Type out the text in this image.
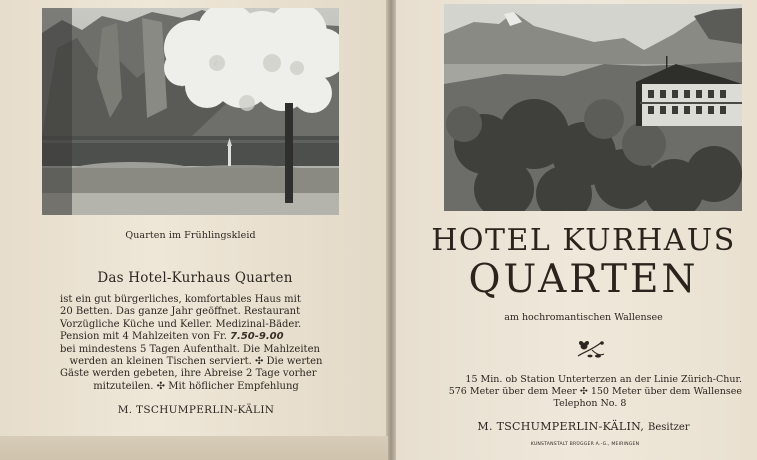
Quarten im Frühlingskleid
Das Hotel-Kurhaus Quarten
ist ein gut bürgerliches, komfortables Haus mit
20 Betten. Das ganze Jahr geöffnet. Restaurant
Vorzügliche Küche und Keller. Medizinal-Bäder.
Pension mit 4 Mahlzeiten von Fr. 7.50-9.00
bei mindestens 5 Tagen Aufenthalt. Die Mahlzeiten
werden an kleinen Tischen serviert. ✣ Die werten
Gäste werden gebeten, ihre Abreise 2 Tage vorher
mitzuteilen. ✣ Mit höflicher Empfehlung
M. TSCHUMPERLIN-KÄLIN
HOTEL KURHAUS
QUARTEN
am hochromantischen Wallensee
15 Min. ob Station Unterterzen an der Linie Zürich-Chur.
576 Meter über dem Meer ✣ 150 Meter über dem Wallensee
Telephon No. 8
M. TSCHUMPERLIN-KÄLIN, Besitzer
KUNSTANSTALT BRÜGGER A.-G., MEIRINGEN
